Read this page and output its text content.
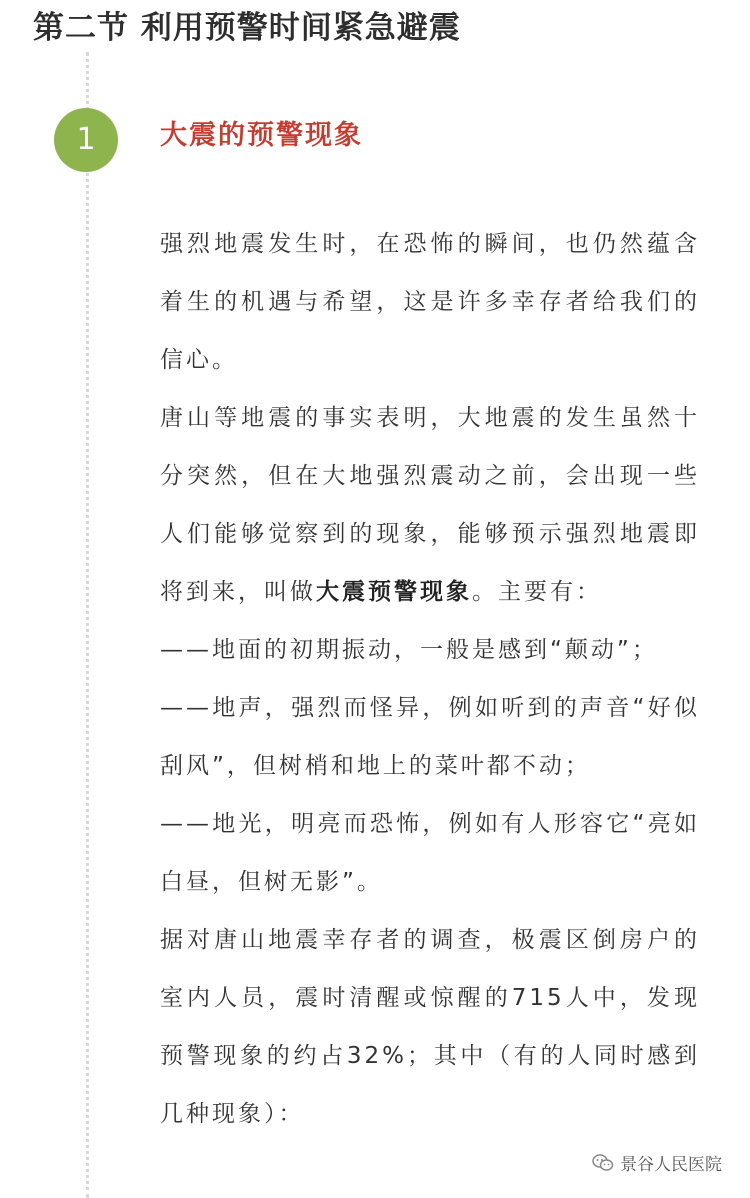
第二节 利用预警时间紧急避震
1	大震的预警现象

强烈地震发生时，在恐怖的瞬间，也仍然蕴含着生的机遇与希望，这是许多幸存者给我们的信心。

唐山等地震的事实表明，大地震的发生虽然十分突然，但在大地强烈震动之前，会出现一些人们能够觉察到的现象，能够预示强烈地震即将到来，叫做大震预警现象。主要有：

——地面的初期振动，一般是感到“颠动”；

——地声，强烈而怪异，例如听到的声音“好似刮风”，但树梢和地上的菜叶都不动；

——地光，明亮而恐怖，例如有人形容它“亮如白昼，但树无影”。

据对唐山地震幸存者的调查，极震区倒房户的室内人员，震时清醒或惊醒的715人中，发现预警现象的约占32%；其中（有的人同时感到几种现象）：

景谷人民医院
